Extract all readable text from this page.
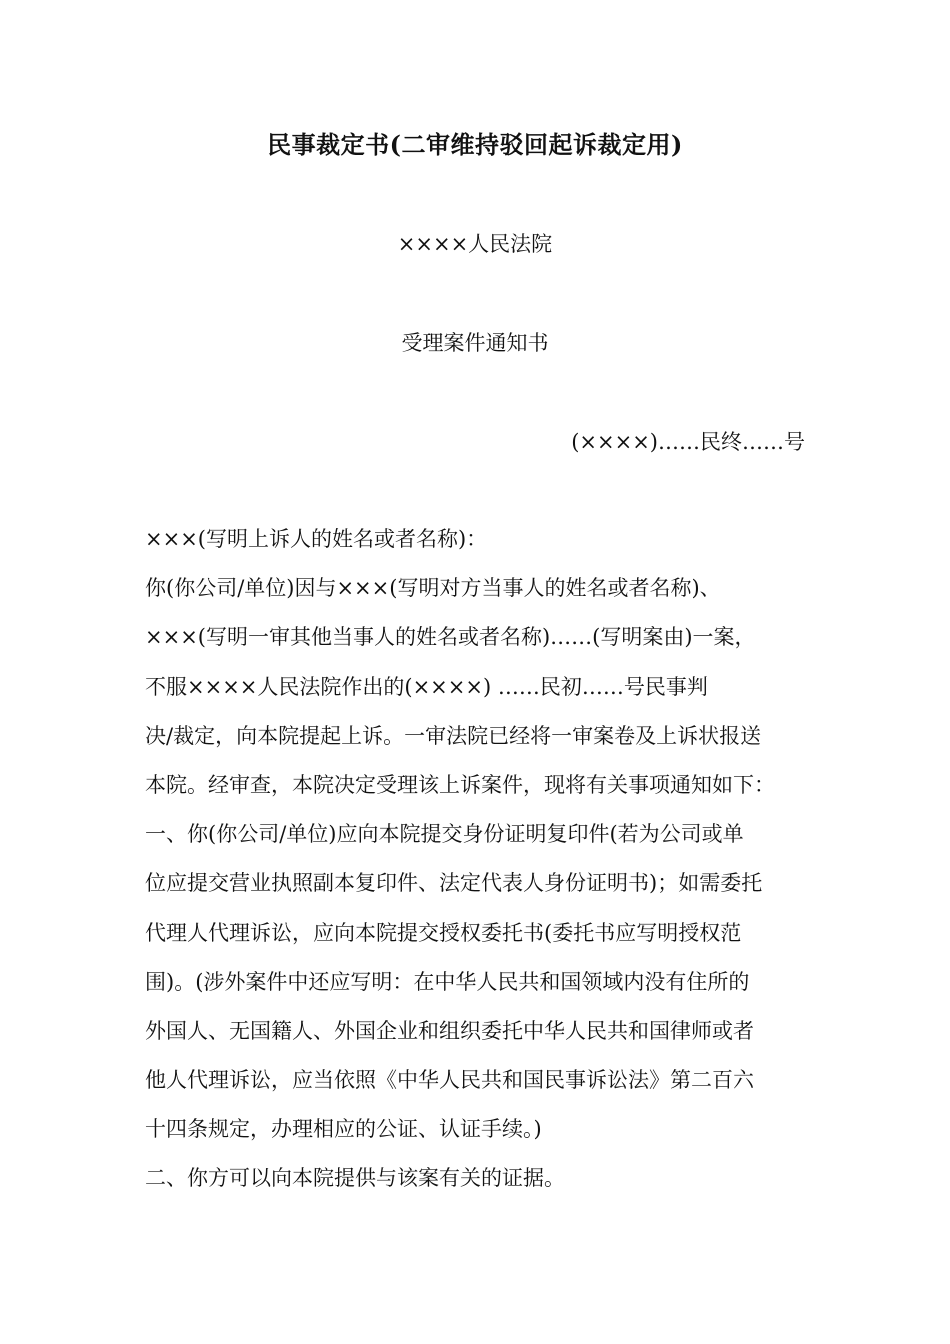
民事裁定书(二审维持驳回起诉裁定用)
××××人民法院
受理案件通知书
(××××)……民终……号
×××(写明上诉人的姓名或者名称)：
你(你公司/单位)因与×××(写明对方当事人的姓名或者名称)、
×××(写明一审其他当事人的姓名或者名称)……(写明案由)一案，
不服××××人民法院作出的(××××) ……民初……号民事判
决/裁定，向本院提起上诉。一审法院已经将一审案卷及上诉状报送
本院。经审查，本院决定受理该上诉案件，现将有关事项通知如下：
一、你(你公司/单位)应向本院提交身份证明复印件(若为公司或单
位应提交营业执照副本复印件、法定代表人身份证明书)；如需委托
代理人代理诉讼，应向本院提交授权委托书(委托书应写明授权范
围)。(涉外案件中还应写明：在中华人民共和国领域内没有住所的
外国人、无国籍人、外国企业和组织委托中华人民共和国律师或者
他人代理诉讼，应当依照《中华人民共和国民事诉讼法》第二百六
十四条规定，办理相应的公证、认证手续。)
二、你方可以向本院提供与该案有关的证据。
